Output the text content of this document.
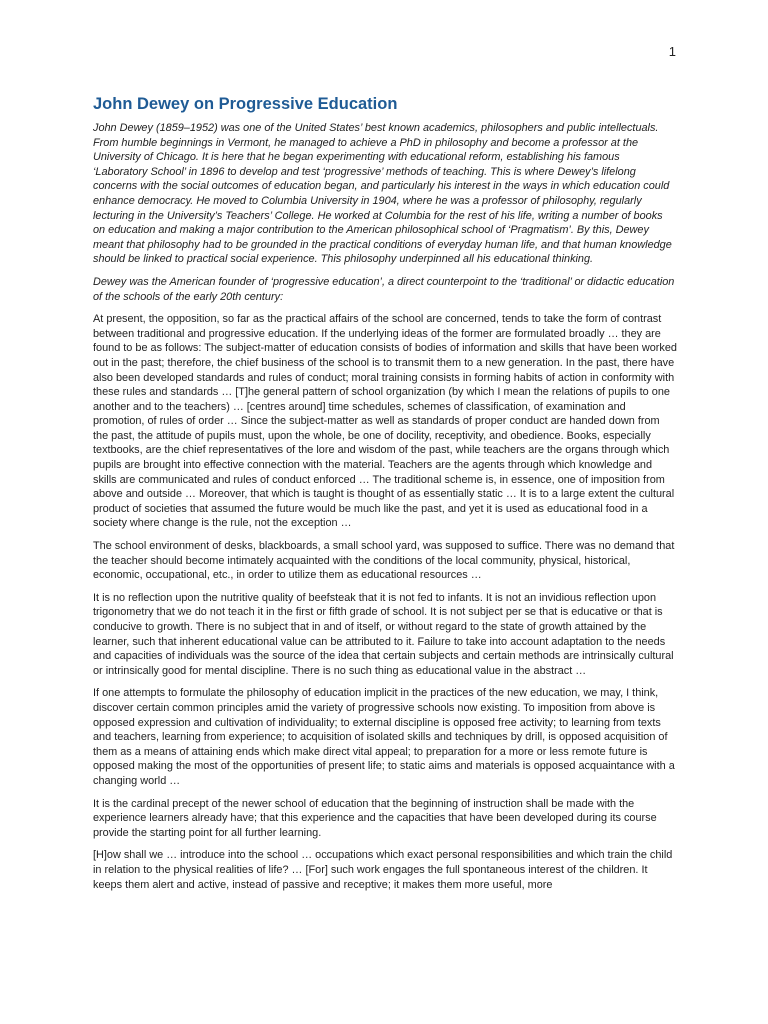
1
John Dewey on Progressive Education

John Dewey (1859–1952) was one of the United States’ best known academics, philosophers and public intellectuals. From humble beginnings in Vermont, he managed to achieve a PhD in philosophy and become a professor at the University of Chicago. It is here that he began experimenting with educational reform, establishing his famous ‘Laboratory School’ in 1896 to develop and test ‘progressive’ methods of teaching. This is where Dewey’s lifelong concerns with the social outcomes of education began, and particularly his interest in the ways in which education could enhance democracy. He moved to Columbia University in 1904, where he was a professor of philosophy, regularly lecturing in the University’s Teachers’ College. He worked at Columbia for the rest of his life, writing a number of books on education and making a major contribution to the American philosophical school of ‘Pragmatism’. By this, Dewey meant that philosophy had to be grounded in the practical conditions of everyday human life, and that human knowledge should be linked to practical social experience. This philosophy underpinned all his educational thinking.

Dewey was the American founder of ‘progressive education’, a direct counterpoint to the ‘traditional’ or didactic education of the schools of the early 20th century:

At present, the opposition, so far as the practical affairs of the school are concerned, tends to take the form of contrast between traditional and progressive education. If the underlying ideas of the former are formulated broadly … they are found to be as follows: The subject-matter of education consists of bodies of information and skills that have been worked out in the past; therefore, the chief business of the school is to transmit them to a new generation. In the past, there have also been developed standards and rules of conduct; moral training consists in forming habits of action in conformity with these rules and standards … [T]he general pattern of school organization (by which I mean the relations of pupils to one another and to the teachers) … [centres around] time schedules, schemes of classification, of examination and promotion, of rules of order … Since the subject-matter as well as standards of proper conduct are handed down from the past, the attitude of pupils must, upon the whole, be one of docility, receptivity, and obedience. Books, especially textbooks, are the chief representatives of the lore and wisdom of the past, while teachers are the organs through which pupils are brought into effective connection with the material. Teachers are the agents through which knowledge and skills are communicated and rules of conduct enforced … The traditional scheme is, in essence, one of imposition from above and outside … Moreover, that which is taught is thought of as essentially static … It is to a large extent the cultural product of societies that assumed the future would be much like the past, and yet it is used as educational food in a society where change is the rule, not the exception …

The school environment of desks, blackboards, a small school yard, was supposed to suffice. There was no demand that the teacher should become intimately acquainted with the conditions of the local community, physical, historical, economic, occupational, etc., in order to utilize them as educational resources …

It is no reflection upon the nutritive quality of beefsteak that it is not fed to infants. It is not an invidious reflection upon trigonometry that we do not teach it in the first or fifth grade of school. It is not subject per se that is educative or that is conducive to growth. There is no subject that in and of itself, or without regard to the state of growth attained by the learner, such that inherent educational value can be attributed to it. Failure to take into account adaptation to the needs and capacities of individuals was the source of the idea that certain subjects and certain methods are intrinsically cultural or intrinsically good for mental discipline. There is no such thing as educational value in the abstract …

If one attempts to formulate the philosophy of education implicit in the practices of the new education, we may, I think, discover certain common principles amid the variety of progressive schools now existing. To imposition from above is opposed expression and cultivation of individuality; to external discipline is opposed free activity; to learning from texts and teachers, learning from experience; to acquisition of isolated skills and techniques by drill, is opposed acquisition of them as a means of attaining ends which make direct vital appeal; to preparation for a more or less remote future is opposed making the most of the opportunities of present life; to static aims and materials is opposed acquaintance with a changing world …

It is the cardinal precept of the newer school of education that the beginning of instruction shall be made with the experience learners already have; that this experience and the capacities that have been developed during its course provide the starting point for all further learning.

[H]ow shall we … introduce into the school … occupations which exact personal responsibilities and which train the child in relation to the physical realities of life? … [For] such work engages the full spontaneous interest of the children. It keeps them alert and active, instead of passive and receptive; it makes them more useful, more
